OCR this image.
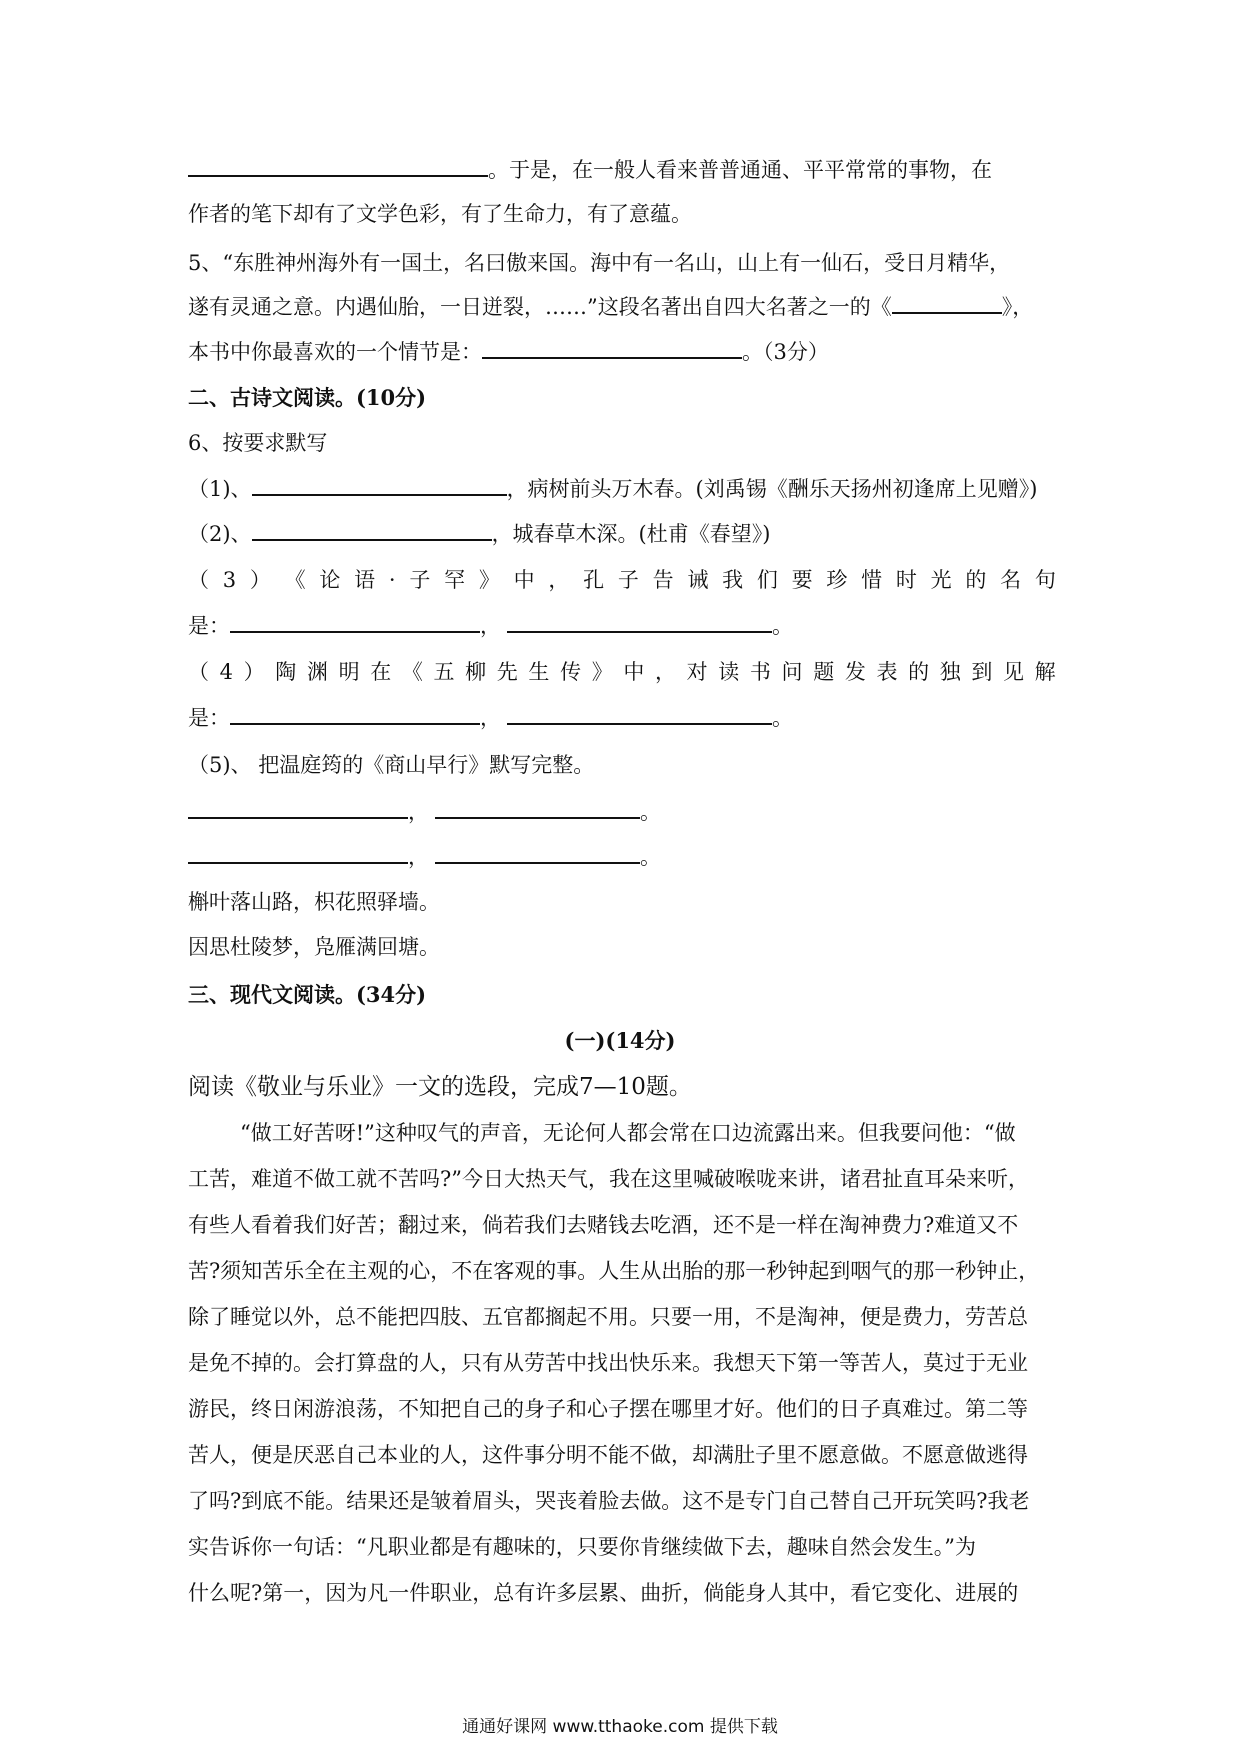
。于是，在一般人看来普普通通、平平常常的事物，在
作者的笔下却有了文学色彩，有了生命力，有了意蕴。
5、“东胜神州海外有一国土，名曰傲来国。海中有一名山，山上有一仙石，受日月精华，
遂有灵通之意。内遇仙胎，一日迸裂，……”这段名著出自四大名著之一的《	》，
本书中你最喜欢的一个情节是：	。（3分）
二、古诗文阅读。(10分)
6、按要求默写
（1)、	，病树前头万木春。(刘禹锡《酬乐天扬州初逢席上见赠》)
（2)、	，城春草木深。(杜甫《春望》)
（ 3 ） 《 论 语 · 子 罕 》 中 ， 孔 子 告 诫 我 们 要 珍 惜 时 光 的 名 句
是：	，	。
（ 4 ） 陶 渊 明 在 《 五 柳 先 生 传 》 中 ， 对 读 书 问 题 发 表 的 独 到 见 解
是：	，	。
（5)、 把温庭筠的《商山早行》默写完整。
，	。
，	。
槲叶落山路，枳花照驿墙。
因思杜陵梦，凫雁满回塘。
三、现代文阅读。(34分)
(一)(14分)
阅读《敬业与乐业》一文的选段，完成7—10题。
“做工好苦呀!”这种叹气的声音，无论何人都会常在口边流露出来。但我要问他：“做
工苦，难道不做工就不苦吗?”今日大热天气，我在这里喊破喉咙来讲，诸君扯直耳朵来听，
有些人看着我们好苦；翻过来，倘若我们去赌钱去吃酒，还不是一样在淘神费力?难道又不
苦?须知苦乐全在主观的心，不在客观的事。人生从出胎的那一秒钟起到咽气的那一秒钟止，
除了睡觉以外，总不能把四肢、五官都搁起不用。只要一用，不是淘神，便是费力，劳苦总
是免不掉的。会打算盘的人，只有从劳苦中找出快乐来。我想天下第一等苦人，莫过于无业
游民，终日闲游浪荡，不知把自己的身子和心子摆在哪里才好。他们的日子真难过。第二等
苦人，便是厌恶自己本业的人，这件事分明不能不做，却满肚子里不愿意做。不愿意做逃得
了吗?到底不能。结果还是皱着眉头，哭丧着脸去做。这不是专门自己替自己开玩笑吗?我老
实告诉你一句话：“凡职业都是有趣味的，只要你肯继续做下去，趣味自然会发生。”为
什么呢?第一，因为凡一件职业，总有许多层累、曲折，倘能身人其中，看它变化、进展的
通通好课网 www.tthaoke.com 提供下载
